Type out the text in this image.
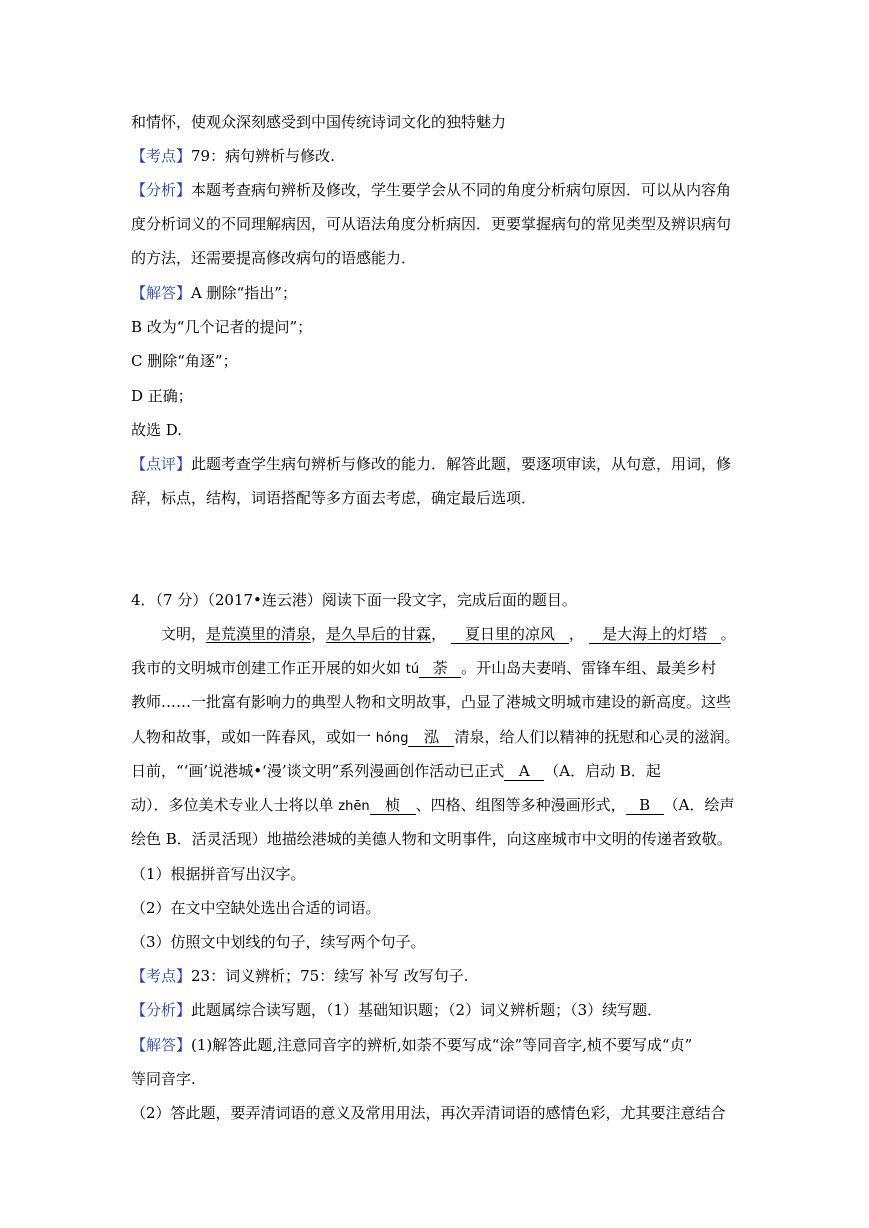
和情怀，使观众深刻感受到中国传统诗词文化的独特魅力
【考点】79：病句辨析与修改.
【分析】本题考查病句辨析及修改，学生要学会从不同的角度分析病句原因．可以从内容角
度分析词义的不同理解病因，可从语法角度分析病因．更要掌握病句的常见类型及辨识病句
的方法，还需要提高修改病句的语感能力．
【解答】A 删除“指出”；
B 改为“几个记者的提问”；
C 删除“角逐”；
D 正确；
故选 D.
【点评】此题考查学生病句辨析与修改的能力．解答此题，要逐项审读，从句意，用词，修
辞，标点，结构，词语搭配等多方面去考虑，确定最后选项．
4．（7 分）（2017•连云港）阅读下面一段文字，完成后面的题目。
文明，是荒漠里的清泉，是久旱后的甘霖， 夏日里的凉风 ， 是大海上的灯塔 。
我市的文明城市创建工作正开展的如火如 tú 荼 。开山岛夫妻哨、雷锋车组、最美乡村
教师……一批富有影响力的典型人物和文明故事，凸显了港城文明城市建设的新高度。这些
人物和故事，或如一阵春风，或如一 hóng 泓 清泉，给人们以精神的抚慰和心灵的滋润。
日前，“‘画’说港城•‘漫’谈文明”系列漫画创作活动已正式 A （A．启动 B．起
动）．多位美术专业人士将以单 zhēn 桢 、四格、组图等多种漫画形式， B （A．绘声
绘色 B．活灵活现）地描绘港城的美德人物和文明事件，向这座城市中文明的传递者致敬。
（1）根据拼音写出汉字。
（2）在文中空缺处选出合适的词语。
（3）仿照文中划线的句子，续写两个句子。
【考点】23：词义辨析；75：续写 补写 改写句子.
【分析】此题属综合读写题，（1）基础知识题；（2）词义辨析题；（3）续写题．
【解答】(1)解答此题,注意同音字的辨析,如荼不要写成“涂”等同音字,桢不要写成“贞”
等同音字.
（2）答此题，要弄清词语的意义及常用用法，再次弄清词语的感情色彩，尤其要注意结合
